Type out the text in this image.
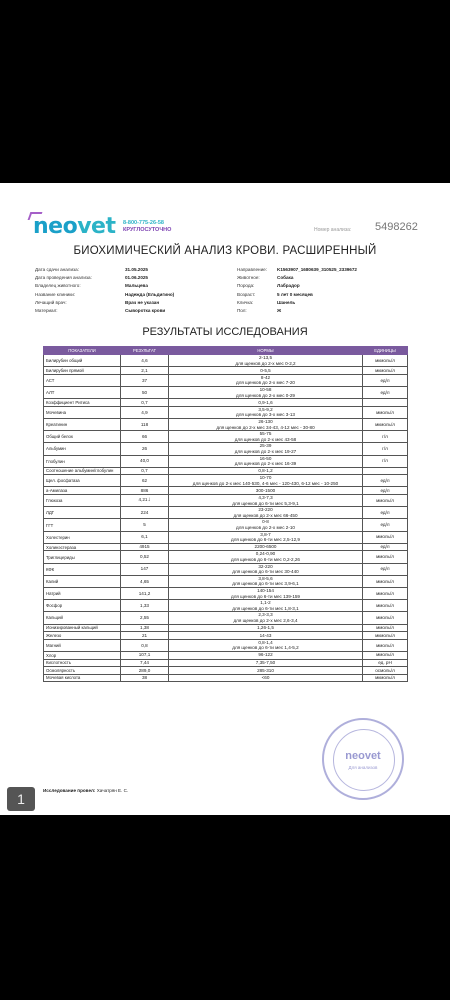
neovet 8-800-775-26-58
КРУГЛОСУТОЧНО	Номер анализа: 5498262
БИОХИМИЧЕСКИЙ АНАЛИЗ КРОВИ. РАСШИРЕННЫЙ
Дата сдачи анализа:	31.05.2025
Дата проведения анализа:	01.06.2025
Владелец животного:	Мальцева
Название клиники:	Надежда (Ельдигино)
Лечащий врач:	Врач не указан
Материал:	Сыворотка крови
Направление:	K1563907_1680639_310525_2339672
Животное:	Собака
Порода:	Лабрадор
Возраст:	5 лет 0 месяцев
Кличка:	Шанель
Пол:	Ж
РЕЗУЛЬТАТЫ ИССЛЕДОВАНИЯ
ПОКАЗАТЕЛИ	РЕЗУЛЬТАТ	НОРМЫ	ЕДИНИЦЫ
Билирубин общий	4,6	2-13,5
для щенков до 2-х мес 0-2,2	мкмоль/л
Билирубин прямой	2,1	0-5,5	мкмоль/л
АСТ	37	8-42
для щенков до 2-х мес 7-20	ед/л
АЛТ	50	10-58
для щенков до 2-х мес 0-29	ед/л
Коэффициент Ритиса	0,7	0,9-1,6	

Мочевина	4,9	3,5-9,2
для щенков до 3-х мес 3-13	ммоль/л
Креатинин	118	26-130
для щенков до 2-х мес 34-43, 4-12 мес - 30-80	мкмоль/л
Общий белок	66	55-75
для щенков до 2-х мес 43-58	г/л
Альбумин	26	25-39
для щенков до 2-х мес 19-27	г/л
Глобулин	40,0	16-50
для щенков до 2-х мес 16-39	г/л
Соотношение альбумин/глобулин	0,7	0,8-1,2	

Щел. фосфатаза	62	10-70
для щенков до 2-х мес 140-530, 4-6 мес - 120-430, 6-12 мес - 10-250	ед/л
a-Амилаза	886	300-1500	ед/л
Глюкоза	4,21↓	4,3-7,3
для щенков до 6-ти мес 5,3-9,1	ммоль/л
ЛДГ	224	23-220
для щенков до 2-х мес 66-450	ед/л
ГГТ	5	0-8
для щенков до 2-х мес 2-10	ед/л
Холестерин	6,1	3,8-7
для щенков до 6-ти мес 2,5-12,9	ммоль/л
Холинэстераза	4915	2200-6500	ед/л
Триглицериды	0,52	0,24-0,90
для щенков до 6-ти мес 0,2-2,26	ммоль/л
КФК	147	32-220
для щенков до 6-ти мес 30-440	ед/л
Калий	4,65	3,8-5,6
для щенков до 6-ти мес 3,9-6,1	ммоль/л
Натрий	141,2	140-154
для щенков до 6-ти мес 139-159	ммоль/л
Фосфор	1,33	1,1-2
для щенков до 6-ти мес 1,8-3,1	ммоль/л
Кальций	2,55	2,3-3,3
для щенков до 2-х мес 2,6-3,4	ммоль/л
Ионизированный кальций	1,38	1,26-1,5	ммоль/л
Железо	21	14-43	мкмоль/л
Магний	0,8	0,8-1,4
для щенков до 6-ти мес 1,4-5,2	ммоль/л
Хлор	107,1	96-122	ммоль/л
Кислотность	7,44	7,35-7,50	ед. pH
Осмолярность	289,0	285-310	осмоль/л
Мочевая кислота	38	<60	мкмоль/л
neovet
Для анализов
Исследование провел: Хачатрян Е. С.
1
